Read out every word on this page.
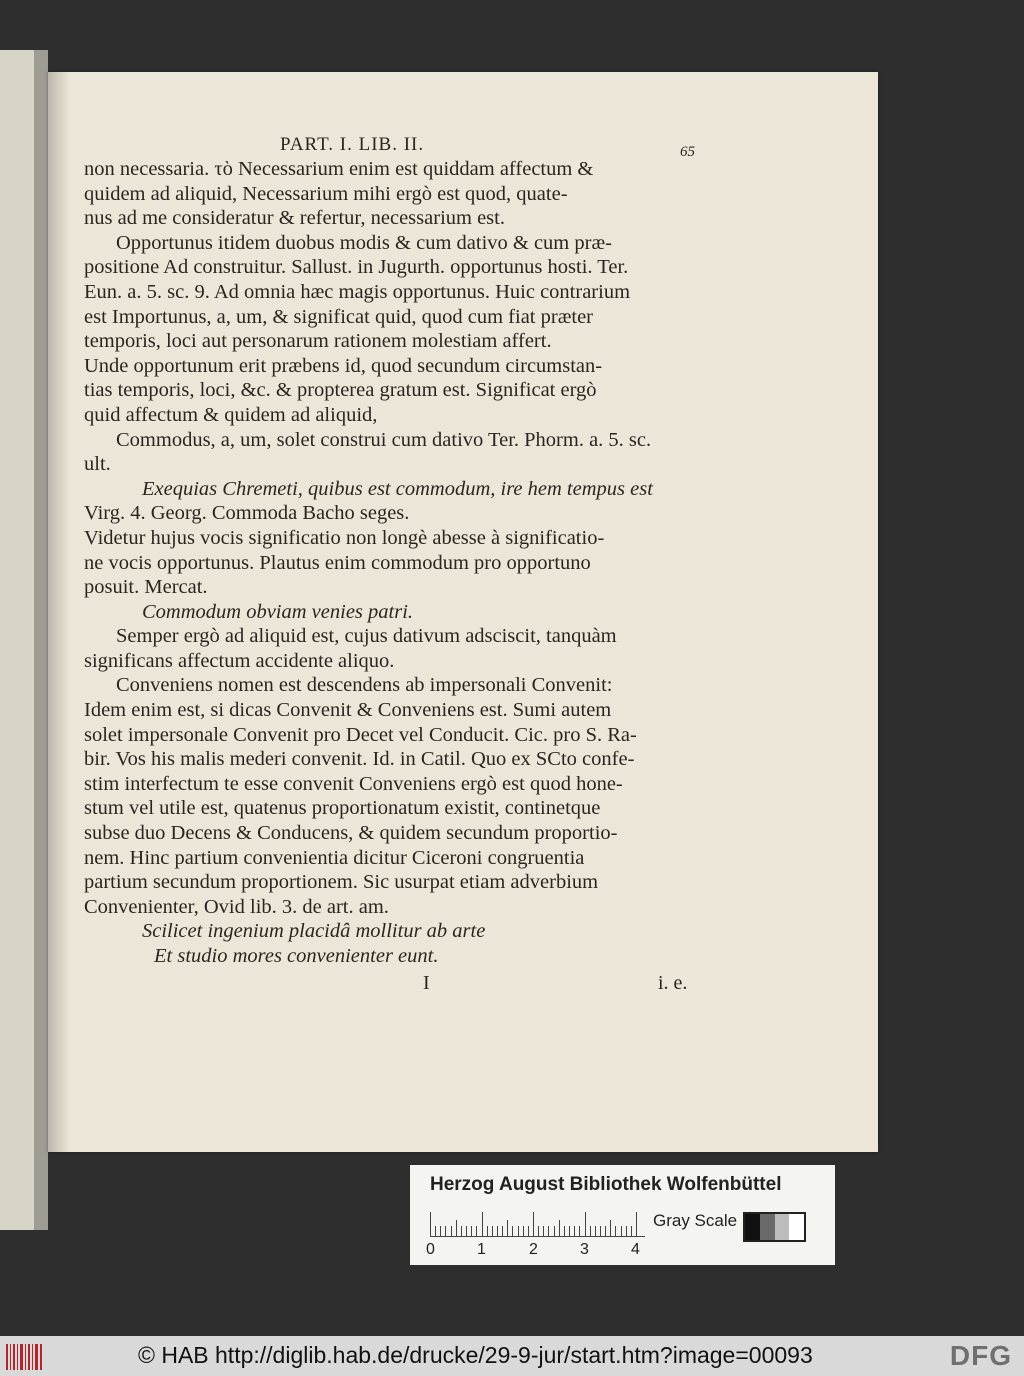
PART. I. LIB. II.	65
non necessaria. τὸ Necessarium enim est quiddam affectum &
quidem ad aliquid, Necessarium mihi ergò est quod, quate-
nus ad me consideratur & refertur, necessarium est.
Opportunus itidem duobus modis & cum dativo & cum præ-
positione Ad construitur. Sallust. in Jugurth. opportunus hosti. Ter.
Eun. a. 5. sc. 9. Ad omnia hæc magis opportunus. Huic contrarium
est Importunus, a, um, & significat quid, quod cum fiat præter
temporis, loci aut personarum rationem molestiam affert.
Unde opportunum erit præbens id, quod secundum circumstan-
tias temporis, loci, &c. & propterea gratum est. Significat ergò
quid affectum & quidem ad aliquid,
Commodus, a, um, solet construi cum dativo Ter. Phorm. a. 5. sc.
ult.
Exequias Chremeti, quibus est commodum, ire hem tempus est
Virg. 4. Georg. Commoda Bacho seges.
Videtur hujus vocis significatio non longè abesse à significatio-
ne vocis opportunus. Plautus enim commodum pro opportuno
posuit. Mercat.
Commodum obviam venies patri.
Semper ergò ad aliquid est, cujus dativum adsciscit, tanquàm
significans affectum accidente aliquo.
Conveniens nomen est descendens ab impersonali Convenit:
Idem enim est, si dicas Convenit & Conveniens est. Sumi autem
solet impersonale Convenit pro Decet vel Conducit. Cic. pro S. Ra-
bir. Vos his malis mederi convenit. Id. in Catil. Quo ex SCto confe-
stim interfectum te esse convenit Conveniens ergò est quod hone-
stum vel utile est, quatenus proportionatum existit, continetque
subse duo Decens & Conducens, & quidem secundum proportio-
nem. Hinc partium convenientia dicitur Ciceroni congruentia
partium secundum proportionem. Sic usurpat etiam adverbium
Convenienter, Ovid lib. 3. de art. am.
Scilicet ingenium placidâ mollitur ab arte
Et studio mores convenienter eunt.
I	i. e.
Herzog August Bibliothek Wolfenbüttel
0	1	2	3	4
Gray Scale
© HAB http://diglib.hab.de/drucke/29-9-jur/start.htm?image=00093	DFG
